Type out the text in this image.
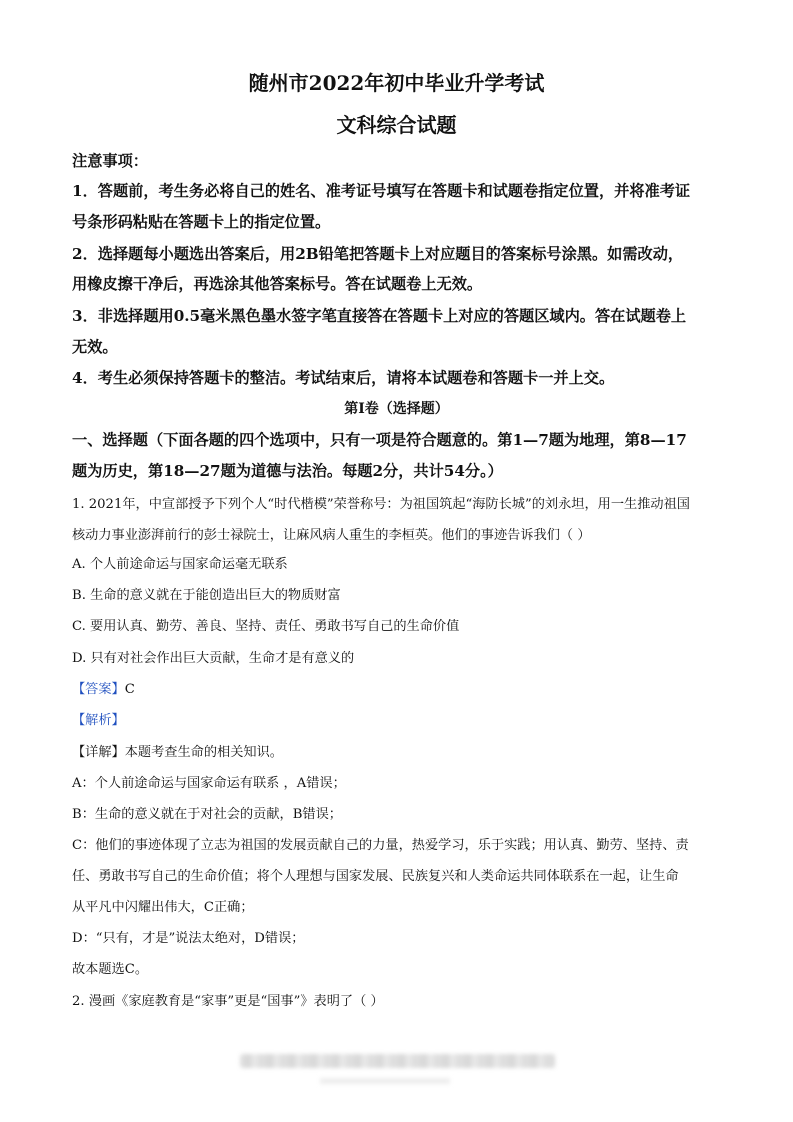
随州市2022年初中毕业升学考试
文科综合试题
注意事项：
1．答题前，考生务必将自己的姓名、准考证号填写在答题卡和试题卷指定位置，并将准考证
号条形码粘贴在答题卡上的指定位置。
2．选择题每小题选出答案后，用2B铅笔把答题卡上对应题目的答案标号涂黑。如需改动，
用橡皮擦干净后，再选涂其他答案标号。答在试题卷上无效。
3．非选择题用0.5毫米黑色墨水签字笔直接答在答题卡上对应的答题区域内。答在试题卷上
无效。
4．考生必须保持答题卡的整洁。考试结束后，请将本试题卷和答题卡一并上交。
第I卷（选择题）
一、选择题（下面各题的四个选项中，只有一项是符合题意的。第1—7题为地理，第8—17
题为历史，第18—27题为道德与法治。每题2分，共计54分。）
1. 2021年，中宣部授予下列个人“时代楷模”荣誉称号：为祖国筑起“海防长城”的刘永坦，用一生推动祖国
核动力事业澎湃前行的彭士禄院士，让麻风病人重生的李桓英。他们的事迹告诉我们（ ）
A. 个人前途命运与国家命运毫无联系
B. 生命的意义就在于能创造出巨大的物质财富
C. 要用认真、勤劳、善良、坚持、责任、勇敢书写自己的生命价值
D. 只有对社会作出巨大贡献，生命才是有意义的
【答案】C
【解析】
【详解】本题考查生命的相关知识。
A：个人前途命运与国家命运有联系 ，A错误；
B：生命的意义就在于对社会的贡献，B错误；
C：他们的事迹体现了立志为祖国的发展贡献自己的力量，热爱学习，乐于实践；用认真、勤劳、坚持、责
任、勇敢书写自己的生命价值；将个人理想与国家发展、民族复兴和人类命运共同体联系在一起，让生命
从平凡中闪耀出伟大，C正确；
D：“只有，才是”说法太绝对，D错误；
故本题选C。
2. 漫画《家庭教育是“家事”更是“国事”》表明了（ ）
